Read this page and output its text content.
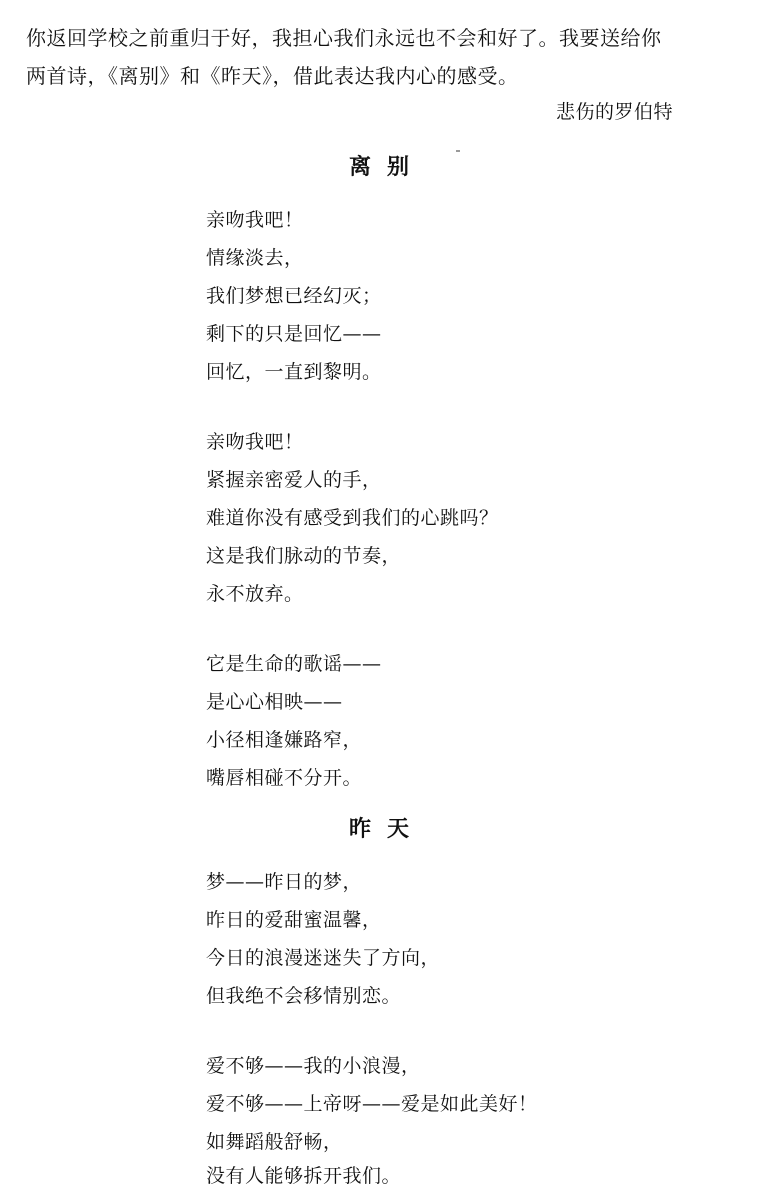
你返回学校之前重归于好，我担心我们永远也不会和好了。我要送给你
两首诗，《离别》和《昨天》，借此表达我内心的感受。
悲伤的罗伯特
离别
亲吻我吧！
情缘淡去，
我们梦想已经幻灭；
剩下的只是回忆——
回忆，一直到黎明。
亲吻我吧！
紧握亲密爱人的手，
难道你没有感受到我们的心跳吗？
这是我们脉动的节奏，
永不放弃。
它是生命的歌谣——
是心心相映——
小径相逢嫌路窄，
嘴唇相碰不分开。
昨天
梦——昨日的梦，
昨日的爱甜蜜温馨，
今日的浪漫迷迷失了方向，
但我绝不会移情别恋。
爱不够——我的小浪漫，
爱不够——上帝呀——爱是如此美好！
如舞蹈般舒畅，
没有人能够拆开我们。
